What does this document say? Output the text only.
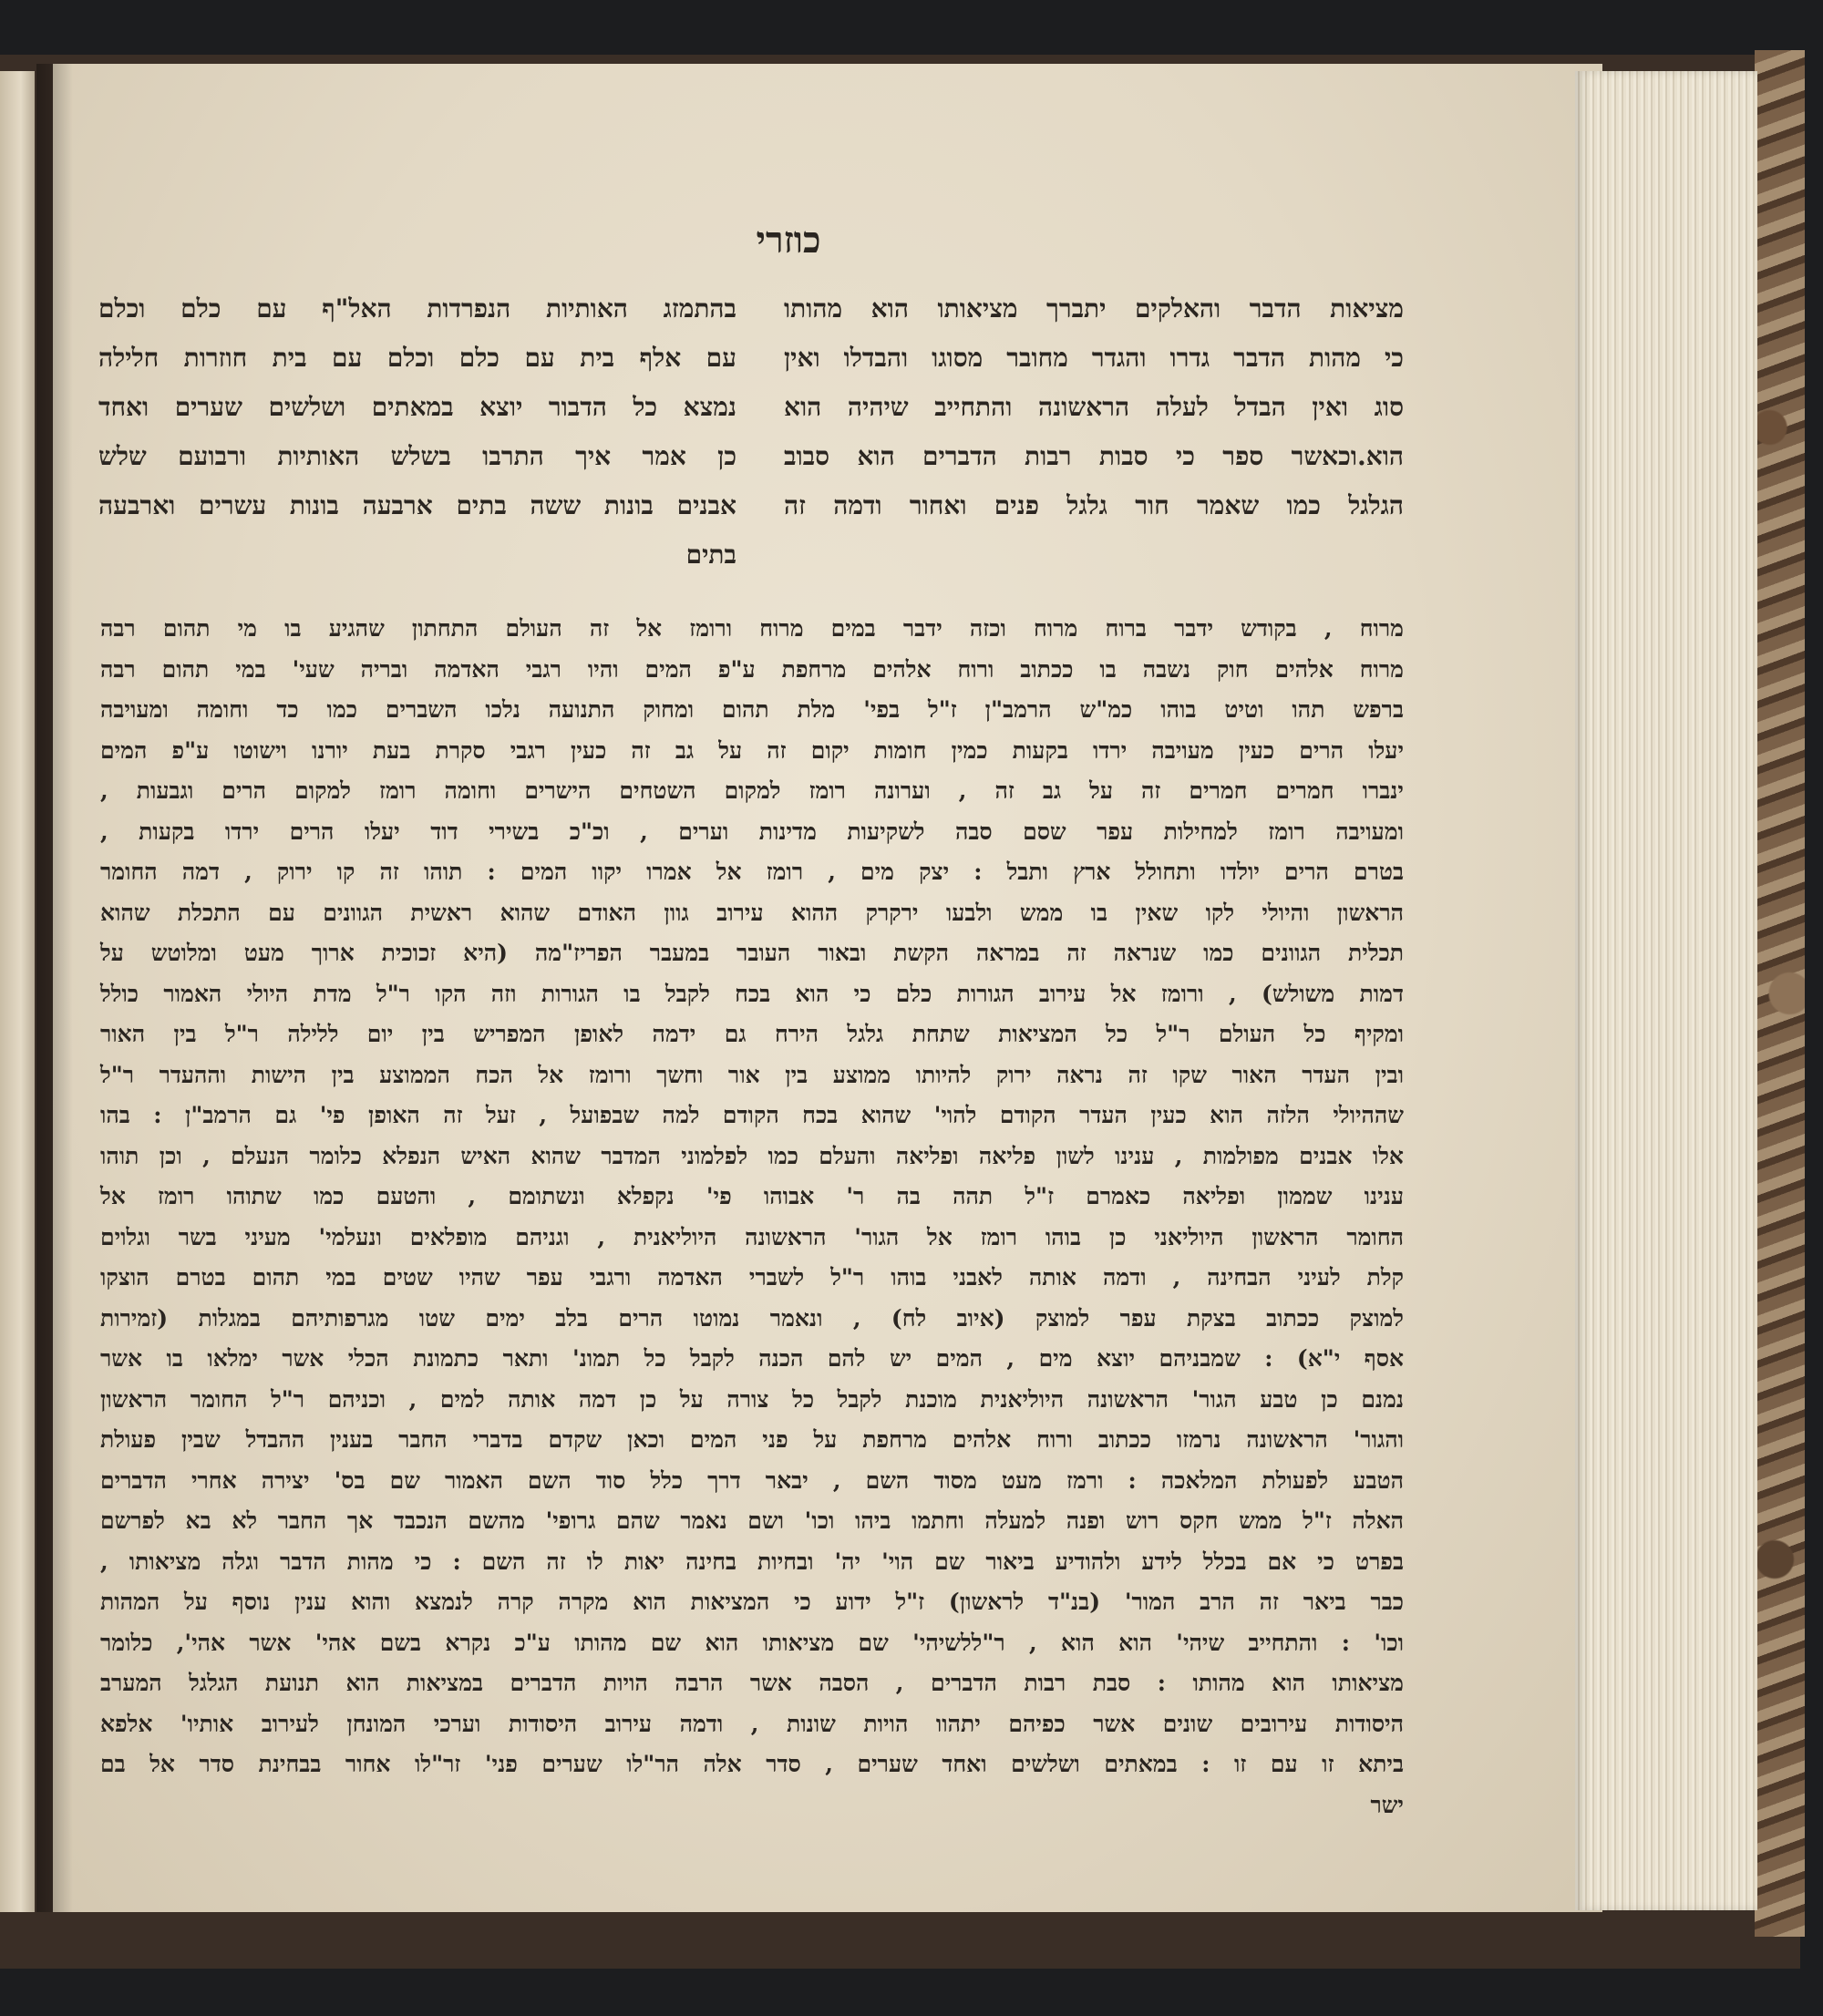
כוזרי
מציאות הדבר והאלקים יתברך מציאותו הוא מהותו
כי מהות הדבר גדרו והגדר מחובר מסוגו והבדלו ואין
סוג ואין הבדל לעלה הראשונה והתחייב שיהיה הוא
הוא.וכאשר ספר כי סבות רבות הדברים הוא סבוב
הגלגל כמו שאמר חור גלגל פנים ואחור ודמה זה
בהתמזג האותיות הנפרדות האל"ף עם כלם וכלם
עם אלף בית עם כלם וכלם עם בית חוזרות חלילה
נמצא כל הדבור יוצא במאתים ושלשים שערים ואחד
כן אמר איך התרבו בשלש האותיות ורבועם שלש
אבנים בונות ששה בתים ארבעה בונות עשרים וארבעה
בתים
מרוח , בקודש ידבר ברוח מרוח וכזה ידבר במים מרוח ורומז אל זה העולם התחתון שהגיע בו מי תהום רבה
מרוח אלהים חוק נשבה בו ככתוב ורוח אלהים מרחפת ע"פ המים והיו רגבי האדמה ובריה שעי' במי תהום רבה
ברפש תהו וטיט בוהו כמ"ש הרמב"ן ז"ל בפי' מלת תהום ומחוק התנועה נלכו השברים כמו כד וחומה ומעויבה
יעלו הרים כעין מעויבה ירדו בקעות כמין חומות יקום זה על גב זה כעין רגבי סקרת בעת יורנו וישוטו ע"פ המים
ינברו חמרים חמרים זה על גב זה , וערונה רומז למקום השטחים הישרים וחומה רומז למקום הרים וגבעות ,
ומעויבה רומז למחילות עפר שסם סבה לשקיעות מדינות וערים , וכ"כ בשירי דוד יעלו הרים ירדו בקעות ,
בטרם הרים יולדו ותחולל ארץ ותבל : יצק מים , רומז אל אמרו יקוו המים : תוהו זה קו ירוק , דמה החומר
הראשון והיולי לקו שאין בו ממש ולבעו ירקרק ההוא עירוב גוון האודם שהוא ראשית הגוונים עם התכלת שהוא
תכלית הגוונים כמו שנראה זה במראה הקשת ובאור העובר במעבר הפריז"מה (היא זכוכית ארוך מעט ומלוטש על
דמות משולש) , ורומז אל עירוב הגורות כלם כי הוא בכח לקבל בו הגורות וזה הקו ר"ל מדת היולי האמור כולל
ומקיף כל העולם ר"ל כל המציאות שתחת גלגל הירח גם ידמה לאופן המפריש בין יום ללילה ר"ל בין האור
ובין העדר האור שקו זה נראה ירוק להיותו ממוצע בין אור וחשך ורומז אל הכח הממוצע בין הישות וההעדר ר"ל
שההיולי הלזה הוא כעין העדר הקודם להוי' שהוא בכח הקודם למה שבפועל , זעל זה האופן פי' גם הרמב"ן : בהו
אלו אבנים מפולמות , ענינו לשון פליאה ופליאה והעלם כמו לפלמוני המדבר שהוא האיש הנפלא כלומר הנעלם , וכן תוהו
ענינו שממון ופליאה כאמרם ז"ל תהה בה ר' אבוהו פי' נקפלא ונשתומם , והטעם כמו שתוהו רומז אל
החומר הראשון היוליאני כן בוהו רומז אל הגור' הראשונה היוליאנית , וגניהם מופלאים ונעלמי' מעיני בשר וגלוים
קלת לעיני הבחינה , ודמה אותה לאבני בוהו ר"ל לשברי האדמה ורגבי עפר שהיו שטים במי תהום בטרם הוצקו
למוצק ככתוב בצקת עפר למוצק (איוב לח) , ונאמר נמוטו הרים בלב ימים שטו מגרפותיהם במגלות (זמירות
אסף י"א) : שמבניהם יוצא מים , המים יש להם הכנה לקבל כל תמונ' ותאר כתמונת הכלי אשר ימלאו בו אשר
נמנם כן טבע הגור' הראשונה היוליאנית מוכנת לקבל כל צורה על כן דמה אותה למים , וכניהם ר"ל החומר הראשון
והגור' הראשונה נרמזו ככתוב ורוח אלהים מרחפת על פני המים וכאן שקדם בדברי החבר בענין ההבדל שבין פעולת
הטבע לפעולת המלאכה : ורמז מעט מסוד השם , יבאר דרך כלל סוד השם האמור שם בס' יצירה אחרי הדברים
האלה ז"ל ממש חקס רוש ופנה למעלה וחתמו ביהו וכו' ושם נאמר שהם גרופי' מהשם הנכבד אך החבר לא בא לפרשם
בפרט כי אם בכלל לידע ולהודיע ביאור שם הוי' יה' ובחיות בחינה יאות לו זה השם : כי מהות הדבר וגלה מציאותו ,
כבר ביאר זה הרב המור' (בנ"ד לראשון) ז"ל ידוע כי המציאות הוא מקרה קרה לנמצא והוא ענין נוסף על המהות
וכו' : והתחייב שיהי' הוא הוא , ר"ללשיהי' שם מציאותו הוא שם מהותו ע"כ נקרא בשם אהי' אשר אהי', כלומר
מציאותו הוא מהותו : סבת רבות הדברים , הסבה אשר הרבה הויות הדברים במציאות הוא תנועת הגלגל המערב
היסודות עירובים שונים אשר כפיהם יתהוו הויות שונות , ודמה עירוב היסודות וערכי המונחן לעירוב אותיו' אלפא
ביתא זו עם זו : במאתים ושלשים ואחד שערים , סדר אלה הר"לו שערים פני' זר"לו אחור בבחינת סדר אל בם
ישר
